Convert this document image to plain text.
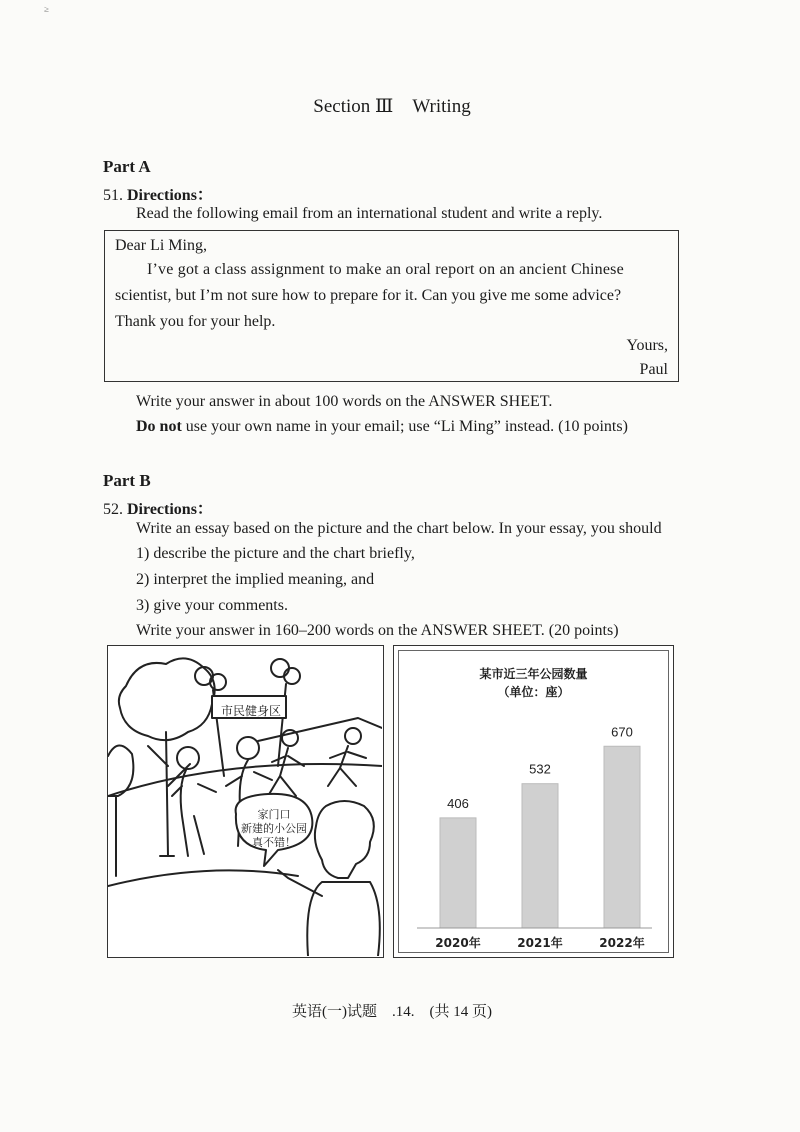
≥
Section Ⅲ Writing
Part A
51. Directions：
Read the following email from an international student and write a reply.
Dear Li Ming,
I’ve got a class assignment to make an oral report on an ancient Chinese
scientist, but I’m not sure how to prepare for it. Can you give me some advice?
Thank you for your help.
Yours,
Paul
Write your answer in about 100 words on the ANSWER SHEET.
Do not use your own name in your email; use “Li Ming” instead. (10 points)
Part B
52. Directions：
Write an essay based on the picture and the chart below. In your essay, you should
1) describe the picture and the chart briefly,
2) interpret the implied meaning, and
3) give your comments.
Write your answer in 160–200 words on the ANSWER SHEET. (20 points)
市民健身区
家门口
新建的小公园
真不错！
某市近三年公园数量
（单位：座）
406
2020年
532
2021年
670
2022年
英语(一)试题　.14.　(共 14 页)
